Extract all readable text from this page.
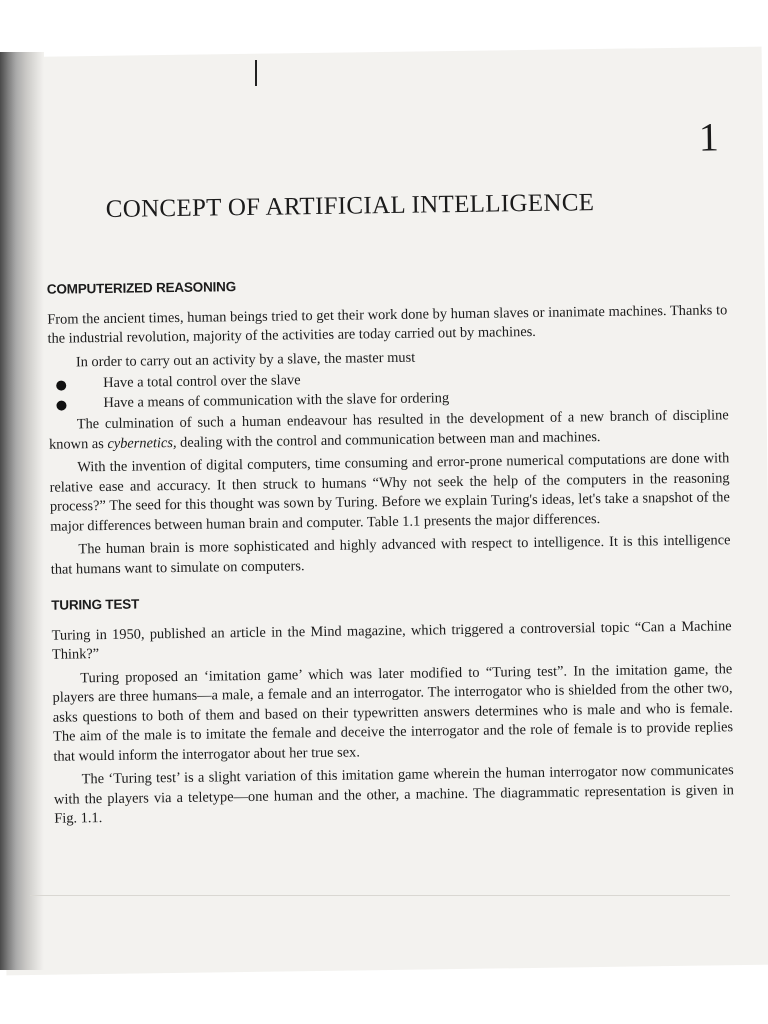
1
CONCEPT OF ARTIFICIAL INTELLIGENCE
COMPUTERIZED REASONING

From the ancient times, human beings tried to get their work done by human slaves or inanimate machines. Thanks to the industrial revolution, majority of the activities are today carried out by machines.

In order to carry out an activity by a slave, the master must

Have a total control over the slave
Have a means of communication with the slave for ordering

The culmination of such a human endeavour has resulted in the development of a new branch of discipline known as cybernetics, dealing with the control and communication between man and machines.

With the invention of digital computers, time consuming and error-prone numerical computations are done with relative ease and accuracy. It then struck to humans “Why not seek the help of the computers in the reasoning process?” The seed for this thought was sown by Turing. Before we explain Turing's ideas, let's take a snapshot of the major differences between human brain and computer. Table 1.1 presents the major differences.

The human brain is more sophisticated and highly advanced with respect to intelligence. It is this intelligence that humans want to simulate on computers.

TURING TEST

Turing in 1950, published an article in the Mind magazine, which triggered a controversial topic “Can a Machine Think?”

Turing proposed an ‘imitation game’ which was later modified to “Turing test”. In the imitation game, the players are three humans—a male, a female and an interrogator. The interrogator who is shielded from the other two, asks questions to both of them and based on their typewritten answers determines who is male and who is female. The aim of the male is to imitate the female and deceive the interrogator and the role of female is to provide replies that would inform the interrogator about her true sex.

The ‘Turing test’ is a slight variation of this imitation game wherein the human interrogator now communicates with the players via a teletype—one human and the other, a machine. The diagrammatic representation is given in Fig. 1.1.
